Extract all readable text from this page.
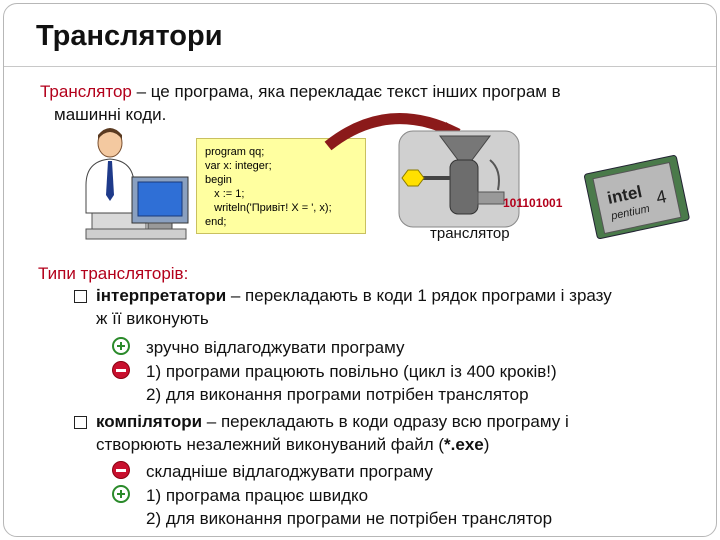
Транслятори
Транслятор – це програма, яка перекладає текст інших програм в
машинні коди.
program qq;
var x: integer;
begin
x := 1;
writeln('Привіт! X = ', x);
end;
транслятор
101101001	intel
pentium
4
Типи трансляторів:
інтерпретатори – перекладають в коди 1 рядок програми і зразу
ж її виконують
зручно відлагоджувати програму
1) програми працюють повільно (цикл із 400 кроків!)
2) для виконання програми потрібен транслятор
компілятори – перекладають в коди одразу всю програму і
створюють незалежний виконуваний файл (*.exe)
складніше відлагоджувати програму
1) програма працює швидко
2) для виконання програми не потрібен транслятор
